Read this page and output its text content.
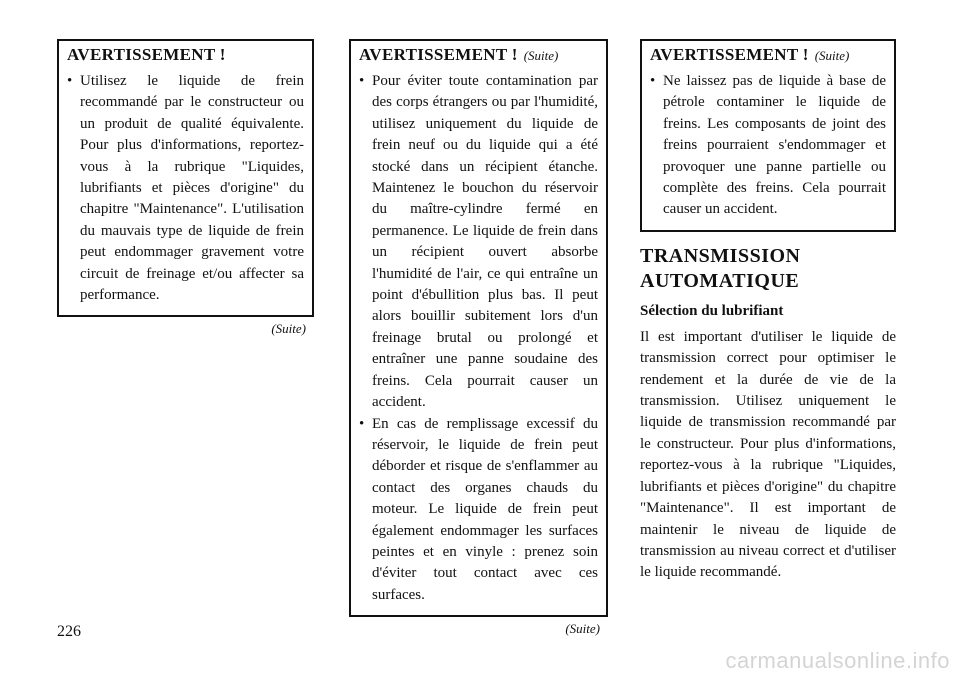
AVERTISSEMENT !
• Utilisez le liquide de frein recommandé par le constructeur ou un produit de qualité équivalente. Pour plus d'informations, reportez-vous à la rubrique "Liquides, lubrifiants et pièces d'origine" du chapitre "Maintenance". L'utilisation du mauvais type de liquide de frein peut endommager gravement votre circuit de freinage et/ou affecter sa performance.
(Suite)
AVERTISSEMENT ! (Suite)
• Pour éviter toute contamination par des corps étrangers ou par l'humidité, utilisez uniquement du liquide de frein neuf ou du liquide qui a été stocké dans un récipient étanche. Maintenez le bouchon du réservoir du maître-cylindre fermé en permanence. Le liquide de frein dans un récipient ouvert absorbe l'humidité de l'air, ce qui entraîne un point d'ébullition plus bas. Il peut alors bouillir subitement lors d'un freinage brutal ou prolongé et entraîner une panne soudaine des freins. Cela pourrait causer un accident.
• En cas de remplissage excessif du réservoir, le liquide de frein peut déborder et risque de s'enflammer au contact des organes chauds du moteur. Le liquide de frein peut également endommager les surfaces peintes et en vinyle : prenez soin d'éviter tout contact avec ces surfaces.
(Suite)
AVERTISSEMENT ! (Suite)
• Ne laissez pas de liquide à base de pétrole contaminer le liquide de freins. Les composants de joint des freins pourraient s'endommager et provoquer une panne partielle ou complète des freins. Cela pourrait causer un accident.
TRANSMISSION AUTOMATIQUE
Sélection du lubrifiant

Il est important d'utiliser le liquide de transmission correct pour optimiser le rendement et la durée de vie de la transmission. Utilisez uniquement le liquide de transmission recommandé par le constructeur. Pour plus d'informations, reportez-vous à la rubrique "Liquides, lubrifiants et pièces d'origine" du chapitre "Maintenance". Il est important de maintenir le niveau de liquide de transmission au niveau correct et d'utiliser le liquide recommandé.

226
carmanualsonline.info
